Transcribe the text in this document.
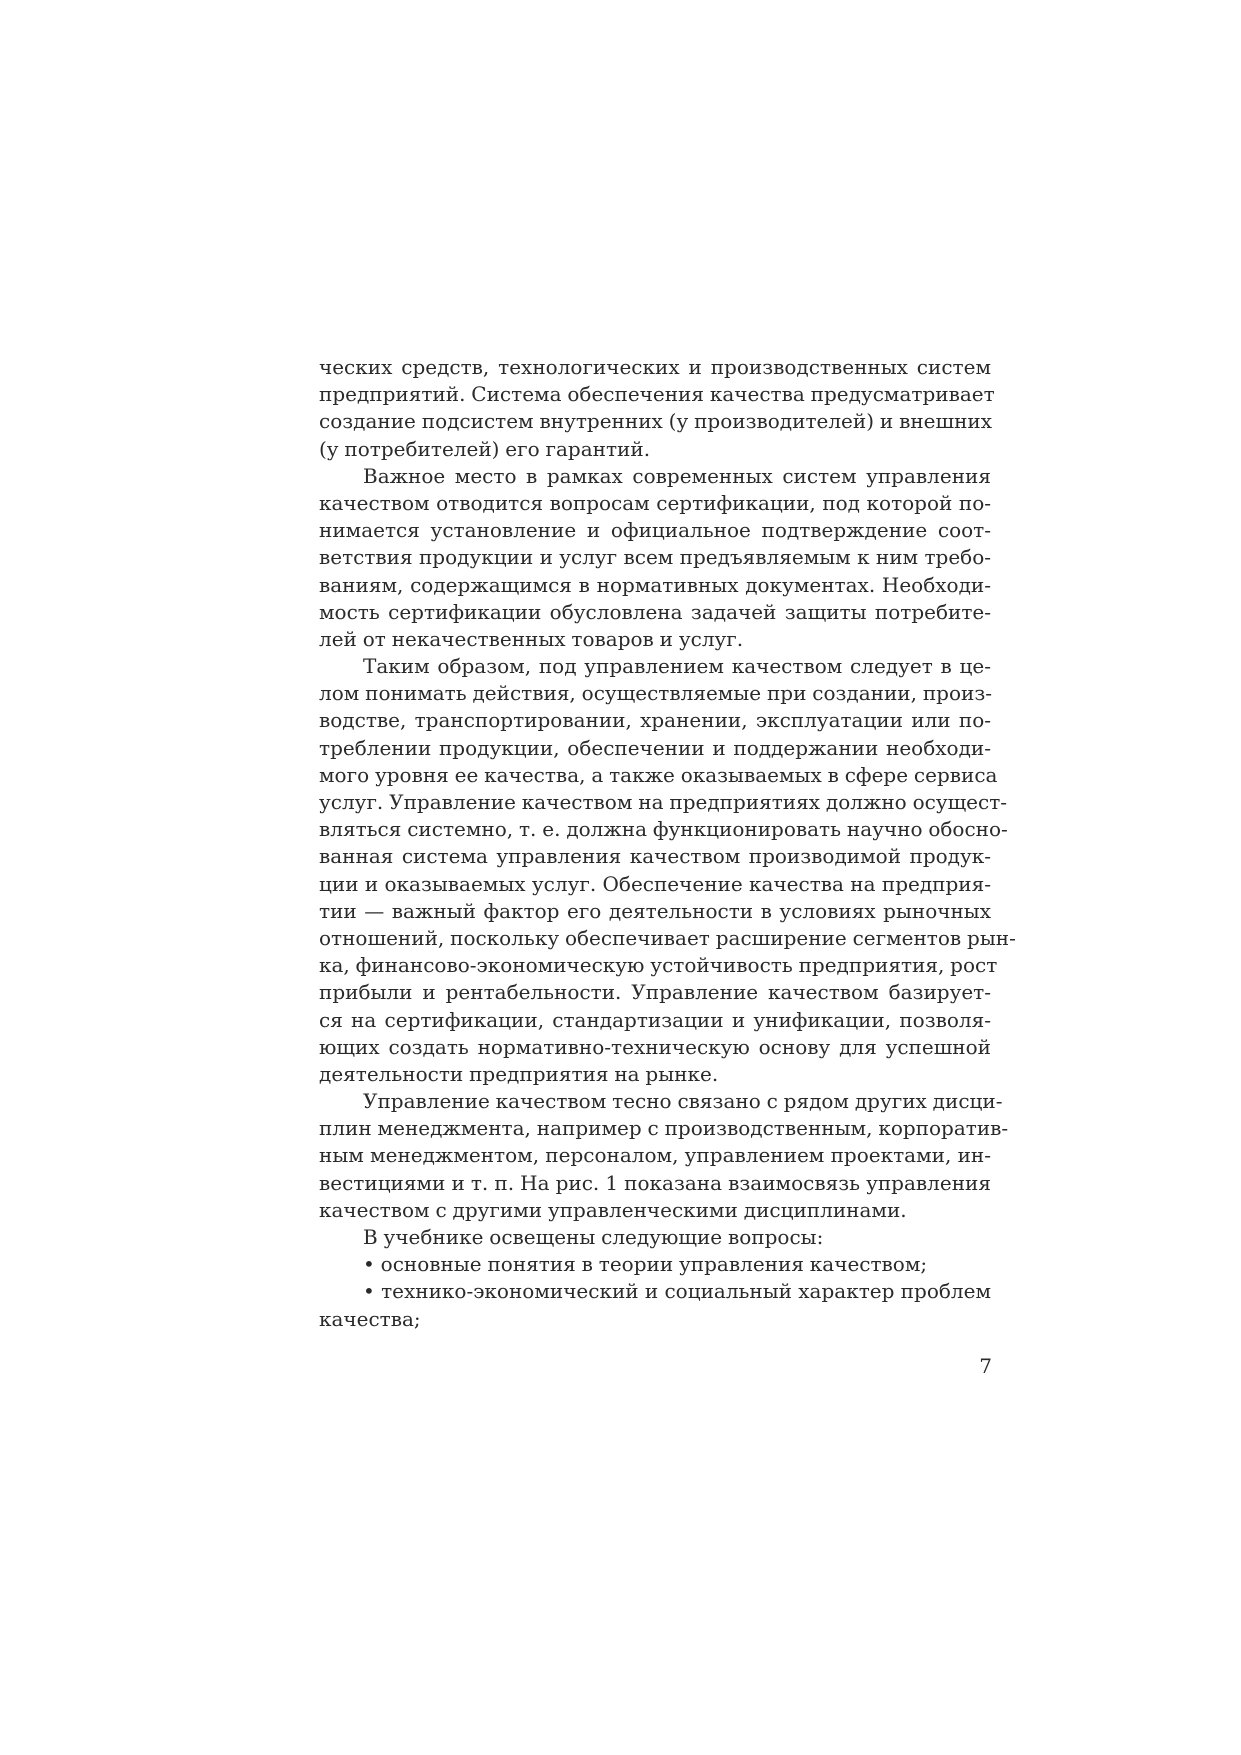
ческих средств, технологических и производственных систем
предприятий. Система обеспечения качества предусматривает
создание подсистем внутренних (у производителей) и внешних
(у потребителей) его гарантий.
Важное место в рамках современных систем управления
качеством отводится вопросам сертификации, под которой по-
нимается установление и официальное подтверждение соот-
ветствия продукции и услуг всем предъявляемым к ним требо-
ваниям, содержащимся в нормативных документах. Необходи-
мость сертификации обусловлена задачей защиты потребите-
лей от некачественных товаров и услуг.
Таким образом, под управлением качеством следует в це-
лом понимать действия, осуществляемые при создании, произ-
водстве, транспортировании, хранении, эксплуатации или по-
треблении продукции, обеспечении и поддержании необходи-
мого уровня ее качества, а также оказываемых в сфере сервиса
услуг. Управление качеством на предприятиях должно осущест-
вляться системно, т. е. должна функционировать научно обосно-
ванная система управления качеством производимой продук-
ции и оказываемых услуг. Обеспечение качества на предприя-
тии — важный фактор его деятельности в условиях рыночных
отношений, поскольку обеспечивает расширение сегментов рын-
ка, финансово-экономическую устойчивость предприятия, рост
прибыли и рентабельности. Управление качеством базирует-
ся на сертификации, стандартизации и унификации, позволя-
ющих создать нормативно-техническую основу для успешной
деятельности предприятия на рынке.
Управление качеством тесно связано с рядом других дисци-
плин менеджмента, например с производственным, корпоратив-
ным менеджментом, персоналом, управлением проектами, ин-
вестициями и т. п. На рис. 1 показана взаимосвязь управления
качеством с другими управленческими дисциплинами.
В учебнике освещены следующие вопросы:
• основные понятия в теории управления качеством;
• технико-экономический и социальный характер проблем
качества;
7
